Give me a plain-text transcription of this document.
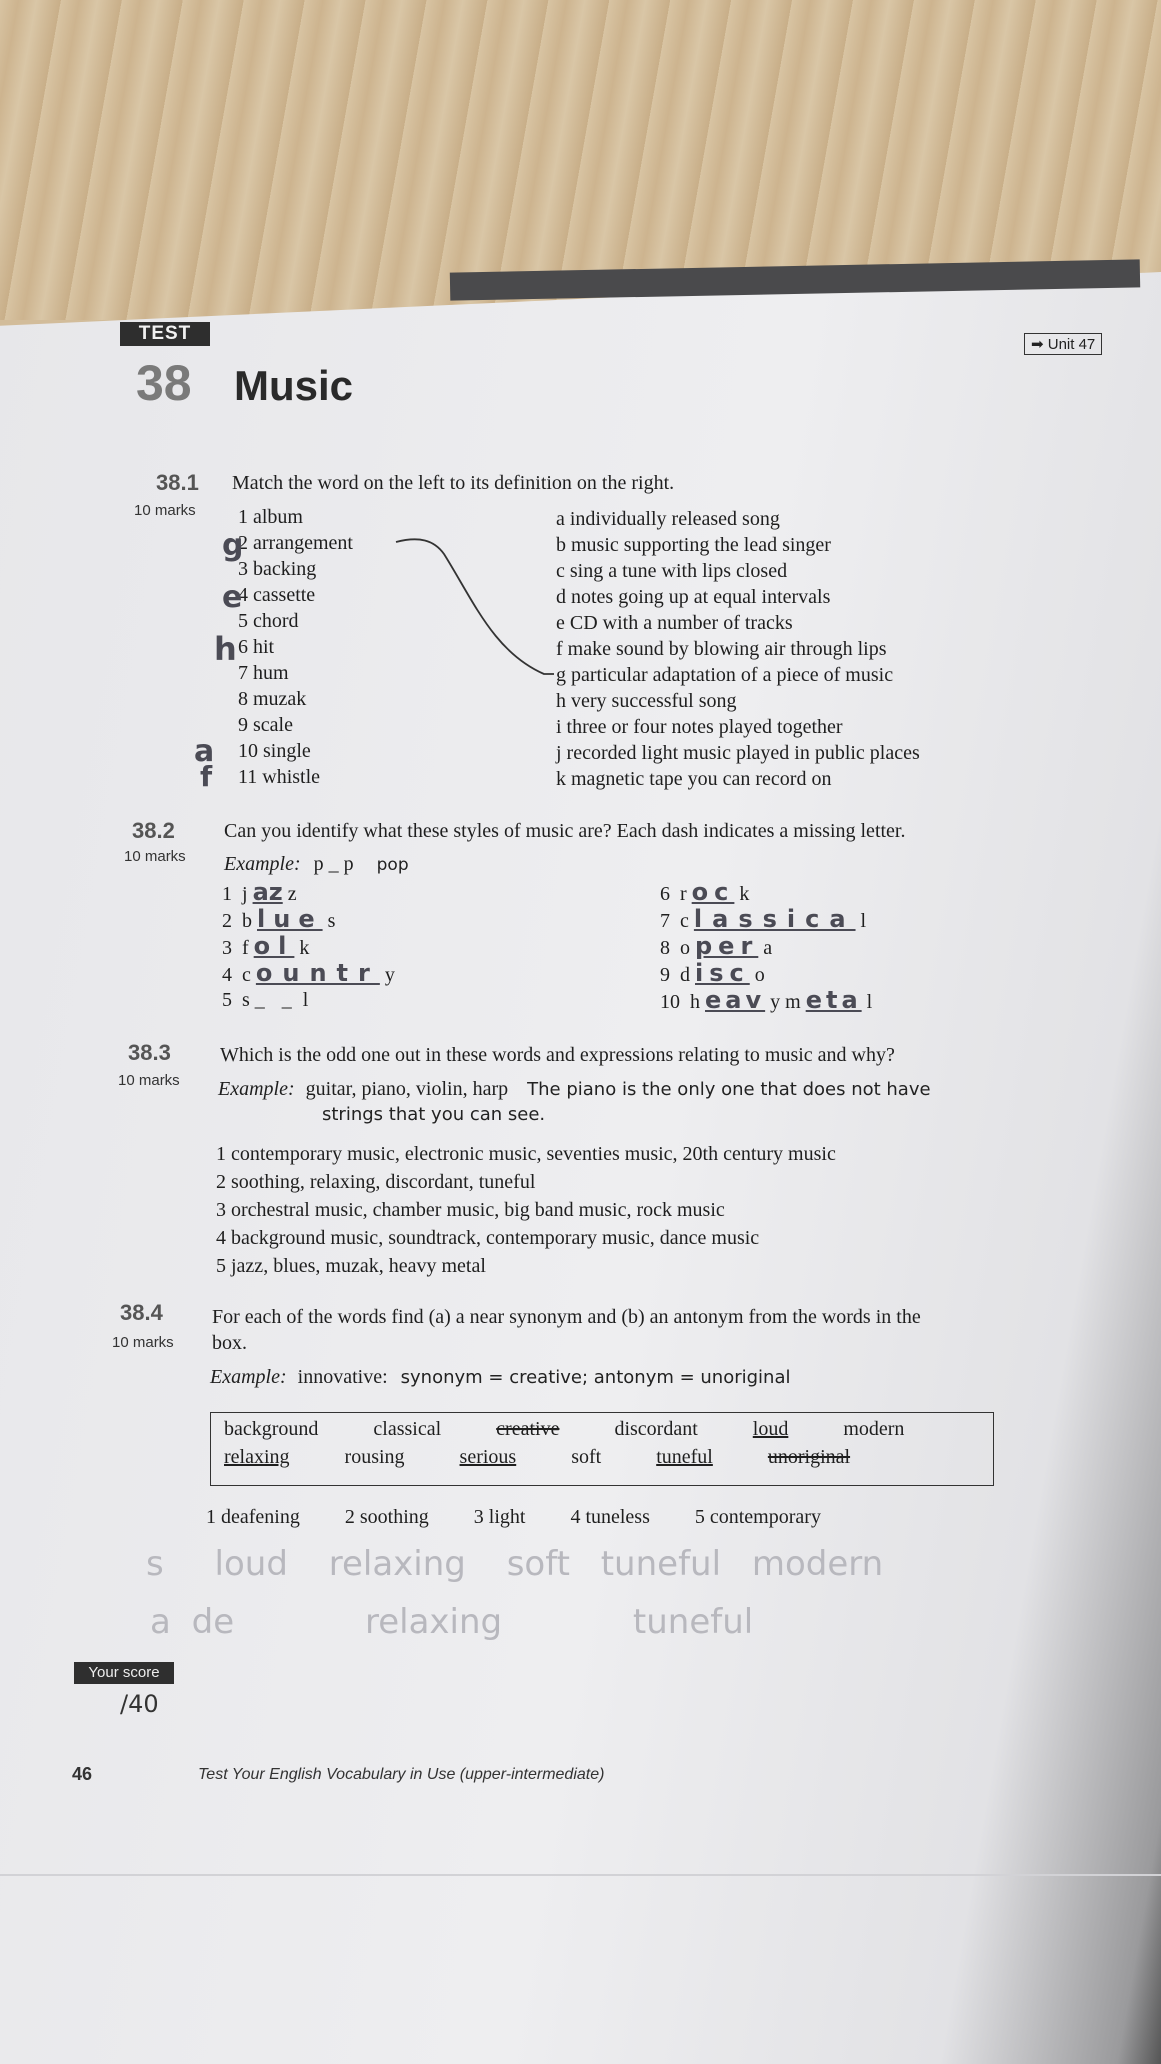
TEST
38 Music
➡ Unit 47
38.1
10 marks
Match the word on the left to its definition on the right.
1 album
2 arrangement
3 backing
4 cassette
5 chord
6 hit
7 hum
8 muzak
9 scale
10 single
11 whistle
g
e
h
a
f
a individually released song
b music supporting the lead singer
c sing a tune with lips closed
d notes going up at equal intervals
e CD with a number of tracks
f make sound by blowing air through lips
g particular adaptation of a piece of music
h very successful song
i three or four notes played together
j recorded light music played in public places
k magnetic tape you can record on
38.2
10 marks
Can you identify what these styles of music are? Each dash indicates a missing letter.
Example: p _ p pop
1 j az z
2 b lue s
3 f ol k
4 c ountr y
5 s _ _ l
6 r oc k
7 c lassica l
8 o per a
9 d isc o
10 h eav y m eta l
38.3
10 marks
Which is the odd one out in these words and expressions relating to music and why?
Example: guitar, piano, violin, harp The piano is the only one that does not have
strings that you can see.
1 contemporary music, electronic music, seventies music, 20th century music
2 soothing, relaxing, discordant, tuneful
3 orchestral music, chamber music, big band music, rock music
4 background music, soundtrack, contemporary music, dance music
5 jazz, blues, muzak, heavy metal
38.4
10 marks
For each of the words find (a) a near synonym and (b) an antonym from the words in the
box.
Example: innovative: synonym = creative; antonym = unoriginal
background	classical	creative	discordant	loud	modern
relaxing	rousing	serious	soft	tuneful	unoriginal
1 deafening 2 soothing 3 light 4 tuneless 5 contemporary
s loud relaxing soft tuneful modern
a de	relaxing	tuneful
Your score
/40
46	Test Your English Vocabulary in Use (upper-intermediate)
